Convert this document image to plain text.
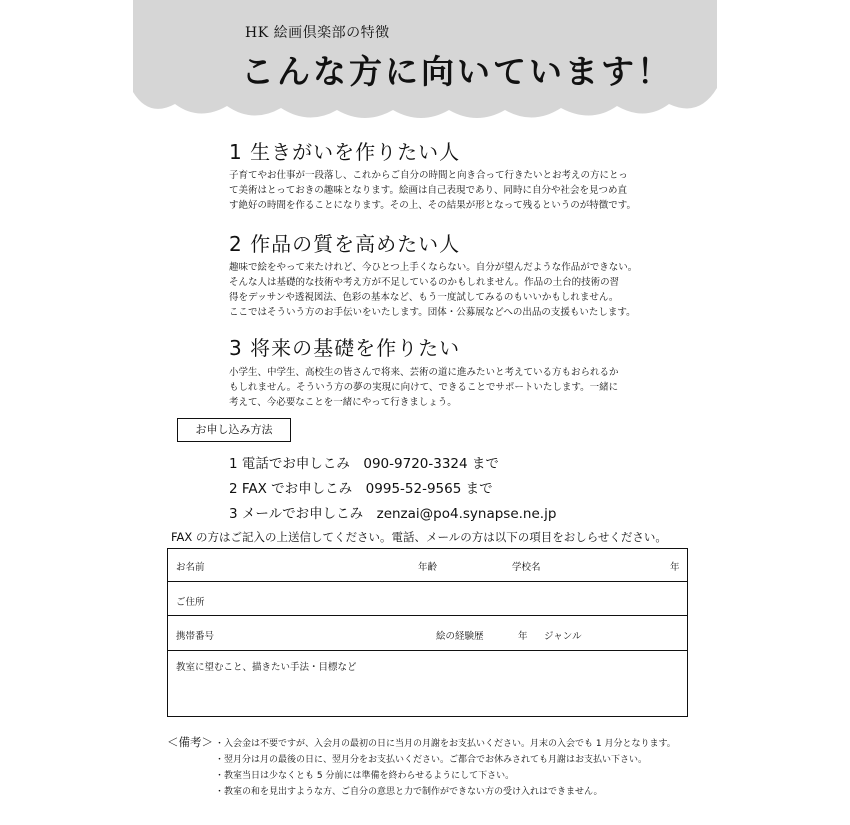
HK 絵画倶楽部の特徴
こんな方に向いています！
1 生きがいを作りたい人
子育てやお仕事が一段落し、これからご自分の時間と向き合って行きたいとお考えの方にとっ
て美術はとっておきの趣味となります。絵画は自己表現であり、同時に自分や社会を見つめ直
す絶好の時間を作ることになります。その上、その結果が形となって残るというのが特徴です。
2 作品の質を高めたい人
趣味で絵をやって来たけれど、今ひとつ上手くならない。自分が望んだような作品ができない。
そんな人は基礎的な技術や考え方が不足しているのかもしれません。作品の土台的技術の習
得をデッサンや透視図法、色彩の基本など、もう一度試してみるのもいいかもしれません。
ここではそういう方のお手伝いをいたします。団体・公募展などへの出品の支援もいたします。
3 将来の基礎を作りたい
小学生、中学生、高校生の皆さんで将来、芸術の道に進みたいと考えている方もおられるか
もしれません。そういう方の夢の実現に向けて、できることでサポートいたします。一緒に
考えて、今必要なことを一緒にやって行きましょう。
お申し込み方法
1 電話でお申しこみ　090-9720-3324 まで
2 FAX でお申しこみ　0995-52-9565 まで
3 メールでお申しこみ　zenzai@po4.synapse.ne.jp
FAX の方はご記入の上送信してください。電話、メールの方は以下の項目をおしらせください。
お名前	年齢	学校名	年
ご住所
携帯番号	絵の経験歴	年 ジャンル
教室に望むこと、描きたい手法・目標など
＜備考＞ ・入会金は不要ですが、入会月の最初の日に当月の月謝をお支払いください。月末の入会でも 1 月分となります。
・翌月分は月の最後の日に、翌月分をお支払いください。ご都合でお休みされても月謝はお支払い下さい。
・教室当日は少なくとも 5 分前には準備を終わらせるようにして下さい。
・教室の和を見出すような方、ご自分の意思と力で制作ができない方の受け入れはできません。
